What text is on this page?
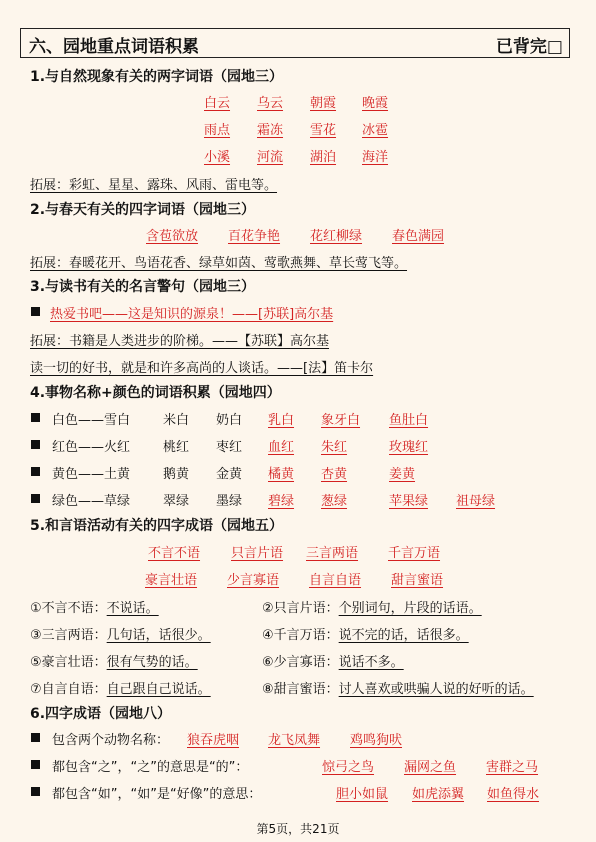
六、园地重点词语积累	已背完□
1.与自然现象有关的两字词语（园地三）
白云 乌云 朝霞 晚霞
雨点 霜冻 雪花 冰雹
小溪 河流 湖泊 海洋
拓展：彩虹、星星、露珠、风雨、雷电等。
2.与春天有关的四字词语（园地三）
含苞欲放 百花争艳 花红柳绿 春色满园
拓展：春暖花开、鸟语花香、绿草如茵、莺歌燕舞、草长莺飞等。
3.与读书有关的名言警句（园地三）
热爱书吧——这是知识的源泉！——[苏联]高尔基
拓展：书籍是人类进步的阶梯。——【苏联】高尔基
读一切的好书，就是和许多高尚的人谈话。——[法】笛卡尔
4.事物名称+颜色的词语积累（园地四）
白色——雪白	米白 奶白 乳白 象牙白 鱼肚白
红色——火红	桃红 枣红 血红 朱红	玫瑰红
黄色——土黄	鹅黄 金黄 橘黄 杏黄	姜黄
绿色——草绿	翠绿 墨绿 碧绿 葱绿	苹果绿 祖母绿
5.和言语活动有关的四字成语（园地五）
不言不语 只言片语 三言两语 千言万语
豪言壮语 少言寡语 自言自语 甜言蜜语
①不言不语：不说话。	②只言片语：个别词句，片段的话语。
③三言两语：几句话，话很少。	④千言万语：说不完的话，话很多。
⑤豪言壮语：很有气势的话。	⑥少言寡语：说话不多。
⑦自言自语：自己跟自己说话。	⑧甜言蜜语：讨人喜欢或哄骗人说的好听的话。
6.四字成语（园地八）
包含两个动物名称： 狼吞虎咽 龙飞凤舞 鸡鸣狗吠
都包含“之”，“之”的意思是“的”：	惊弓之鸟 漏网之鱼 害群之马
都包含“如”，“如”是“好像”的意思：	胆小如鼠 如虎添翼 如鱼得水
第5页，共21页
